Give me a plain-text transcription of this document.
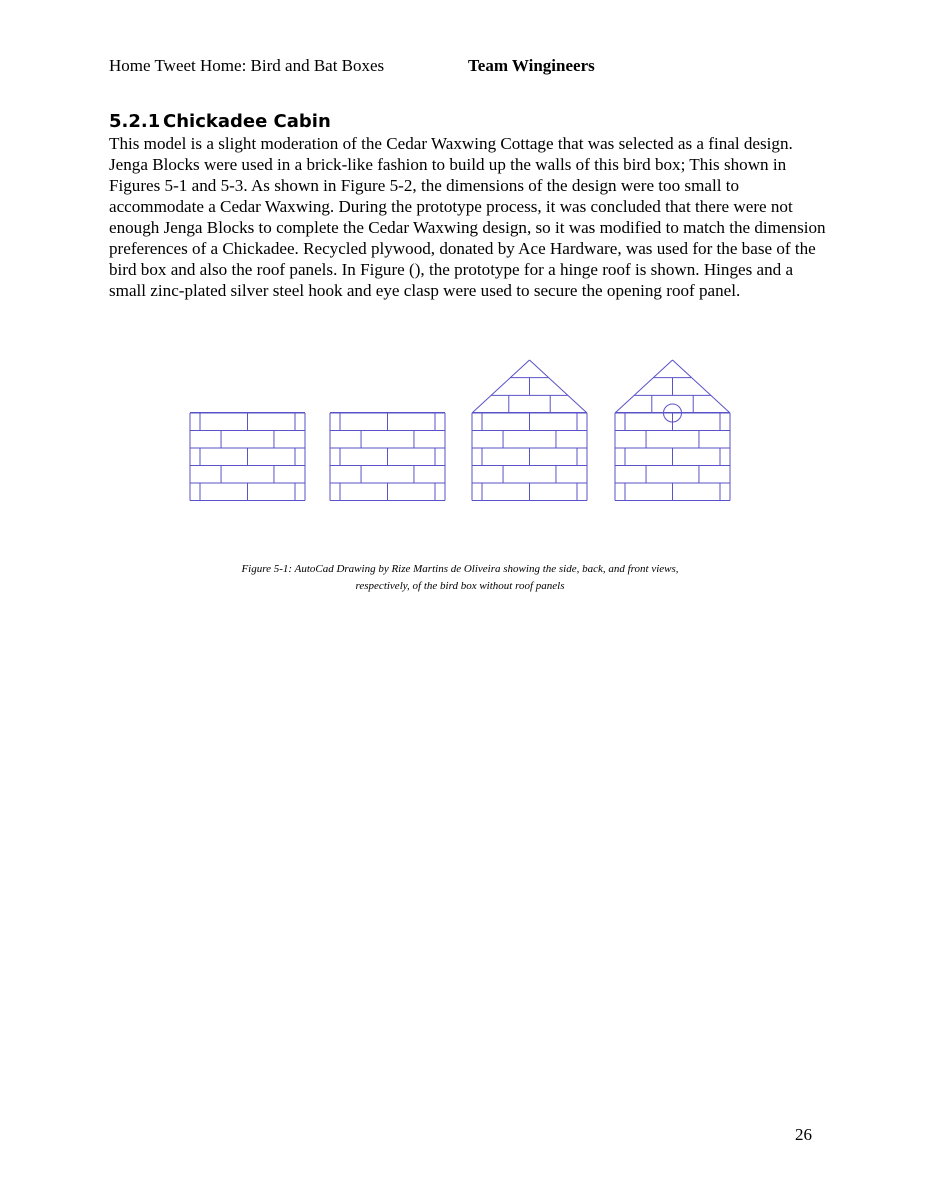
Home Tweet Home: Bird and Bat Boxes	Team Wingineers
5.2.1 Chickadee Cabin

This model is a slight moderation of the Cedar Waxwing Cottage that was selected as a final design. Jenga Blocks were used in a brick-like fashion to build up the walls of this bird box; This shown in Figures 5-1 and 5-3. As shown in Figure 5-2, the dimensions of the design were too small to accommodate a Cedar Waxwing. During the prototype process, it was concluded that there were not enough Jenga Blocks to complete the Cedar Waxwing design, so it was modified to match the dimension preferences of a Chickadee. Recycled plywood, donated by Ace Hardware, was used for the base of the bird box and also the roof panels. In Figure (), the prototype for a hinge roof is shown. Hinges and a small zinc-plated silver steel hook and eye clasp were used to secure the opening roof panel.

Figure 5-1: AutoCad Drawing by Rize Martins de Oliveira showing the side, back, and front views,
respectively, of the bird box without roof panels
26
